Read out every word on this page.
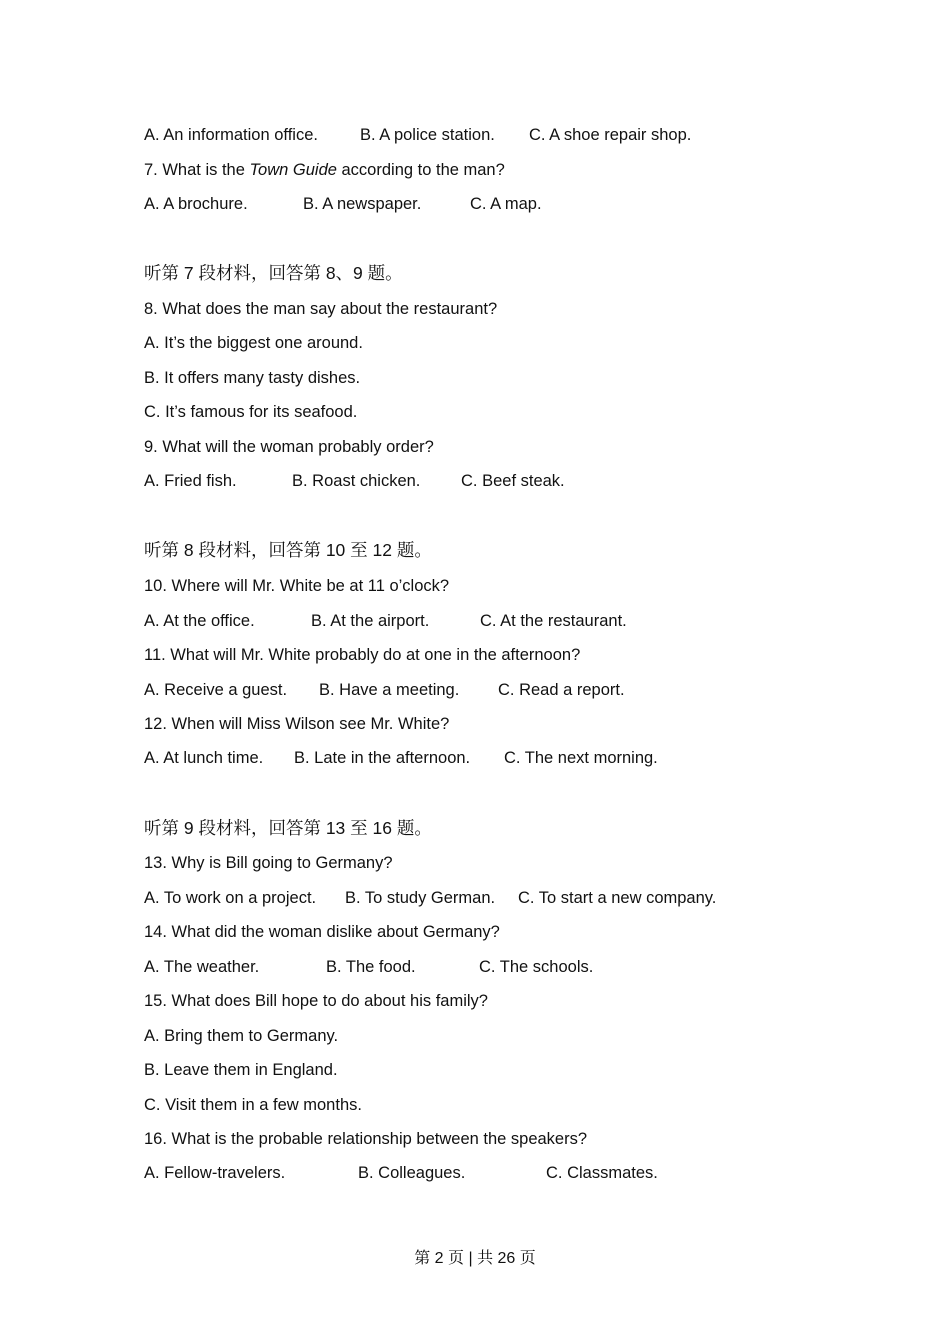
A. An information office.	B. A police station. C. A shoe repair shop.
7. What is the Town Guide according to the man?
A. A brochure.	B. A newspaper.	C. A map.
听第 7 段材料，回答第 8、9 题。
8. What does the man say about the restaurant?
A. It’s the biggest one around.
B. It offers many tasty dishes.
C. It’s famous for its seafood.
9. What will the woman probably order?
A. Fried fish.	B. Roast chicken. C. Beef steak.
听第 8 段材料，回答第 10 至 12 题。
10. Where will Mr. White be at 11 o’clock?
A. At the office.	B. At the airport.	C. At the restaurant.
11. What will Mr. White probably do at one in the afternoon?
A. Receive a guest. B. Have a meeting. C. Read a report.
12. When will Miss Wilson see Mr. White?
A. At lunch time. B. Late in the afternoon. C. The next morning.
听第 9 段材料，回答第 13 至 16 题。
13. Why is Bill going to Germany?
A. To work on a project. B. To study German. C. To start a new company.
14. What did the woman dislike about Germany?
A. The weather.	B. The food.	C. The schools.
15. What does Bill hope to do about his family?
A. Bring them to Germany.
B. Leave them in England.
C. Visit them in a few months.
16. What is the probable relationship between the speakers?
A. Fellow-travelers.	B. Colleagues.	C. Classmates.
第 2 页 | 共 26 页
